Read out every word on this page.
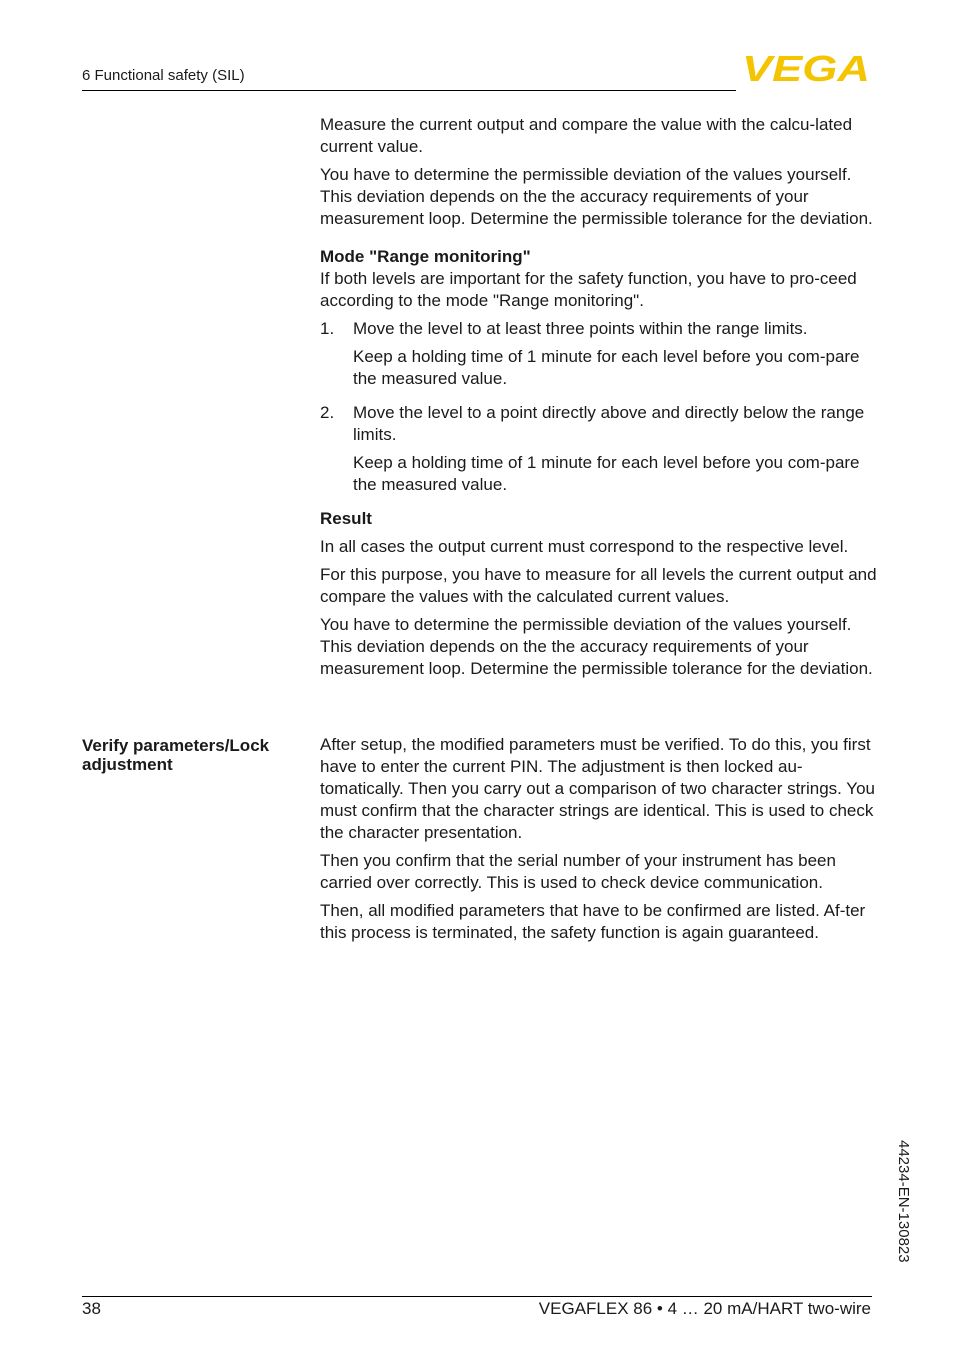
6 Functional safety (SIL)	VEGA

Measure the current output and compare the value with the calcu-lated current value.

You have to determine the permissible deviation of the values yourself. This deviation depends on the the accuracy requirements of your measurement loop. Determine the permissible tolerance for the deviation.

Mode "Range monitoring"

If both levels are important for the safety function, you have to pro-ceed according to the mode "Range monitoring".

1.	Move the level to at least three points within the range limits.

Keep a holding time of 1 minute for each level before you com-pare the measured value.

2.	Move the level to a point directly above and directly below the range limits.

Keep a holding time of 1 minute for each level before you com-pare the measured value.

Result

In all cases the output current must correspond to the respective level.

For this purpose, you have to measure for all levels the current output and compare the values with the calculated current values.

You have to determine the permissible deviation of the values yourself. This deviation depends on the the accuracy requirements of your measurement loop. Determine the permissible tolerance for the deviation.

Verify parameters/Lock adjustment

After setup, the modified parameters must be verified. To do this, you first have to enter the current PIN. The adjustment is then locked au-tomatically. Then you carry out a comparison of two character strings. You must confirm that the character strings are identical. This is used to check the character presentation.

Then you confirm that the serial number of your instrument has been carried over correctly. This is used to check device communication.

Then, all modified parameters that have to be confirmed are listed. Af-ter this process is terminated, the safety function is again guaranteed.

44234-EN-130823
38	VEGAFLEX 86 • 4 … 20 mA/HART two-wire
